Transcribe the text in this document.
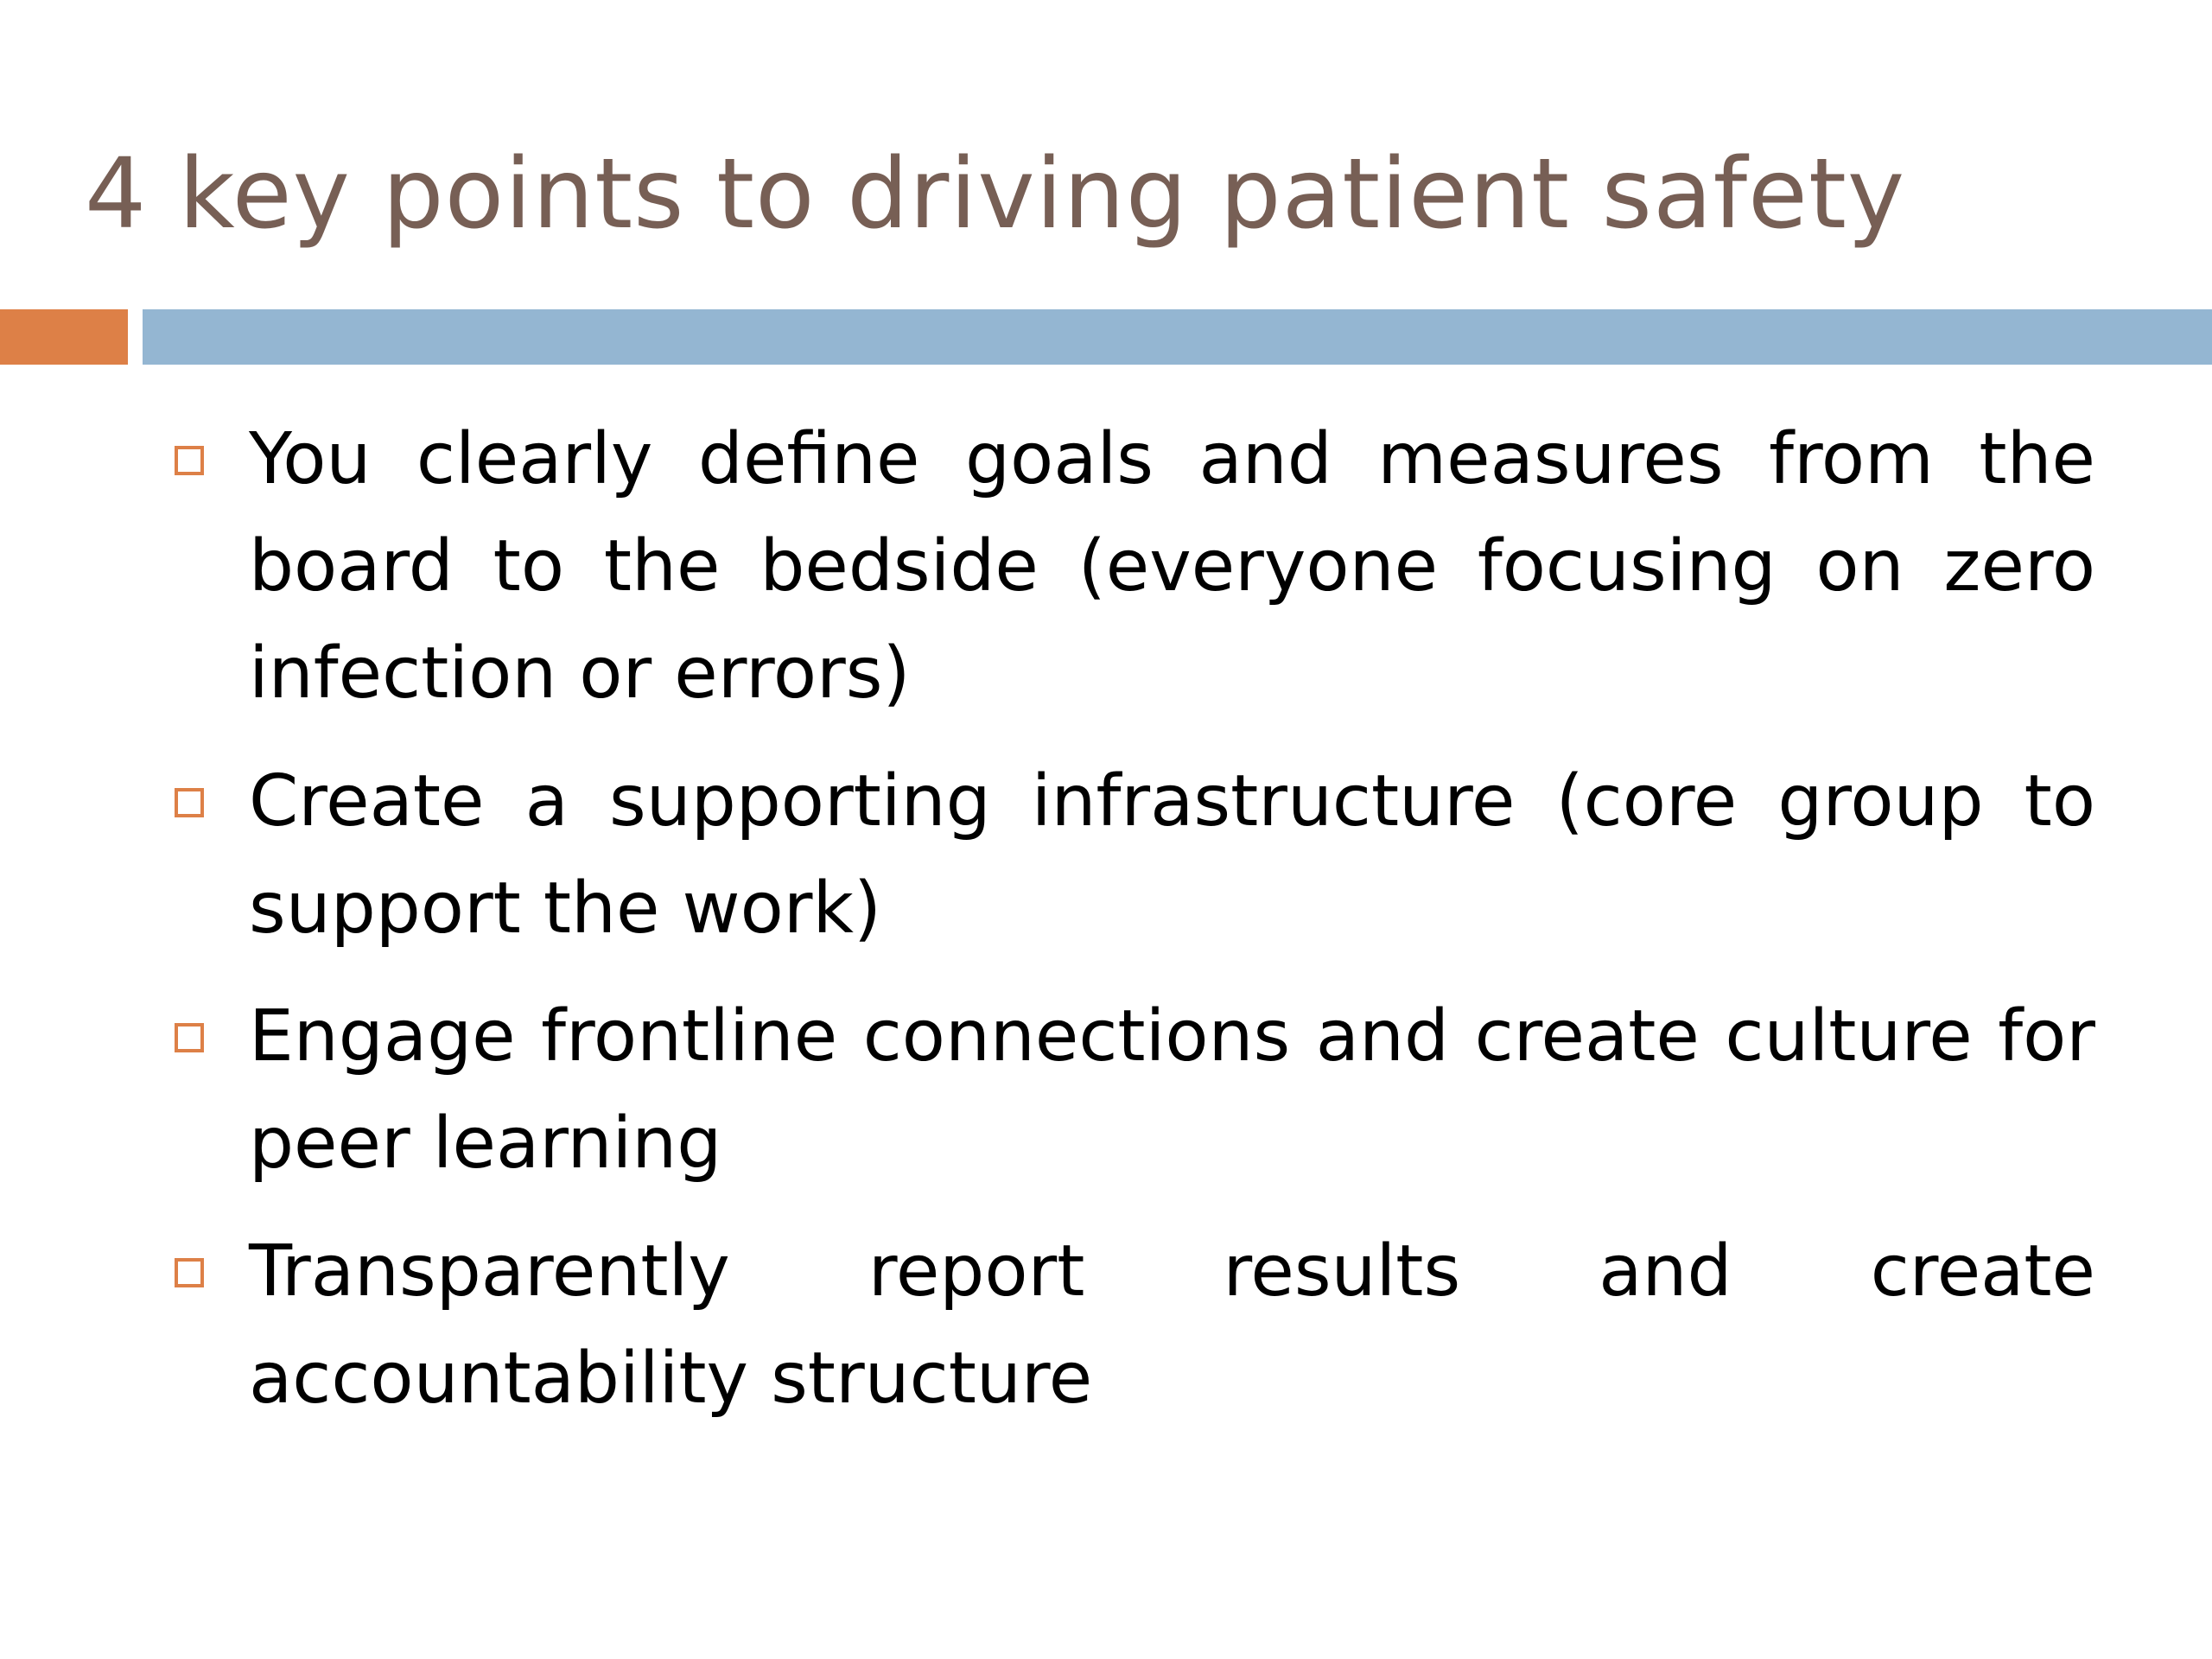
4 key points to driving patient safety
You clearly define goals and measures from the board to the bedside (everyone focusing on zero infection or errors)
Create a supporting infrastructure (core group to support the work)
Engage frontline connections and create culture for peer learning
Transparently report results and create accountability structure
